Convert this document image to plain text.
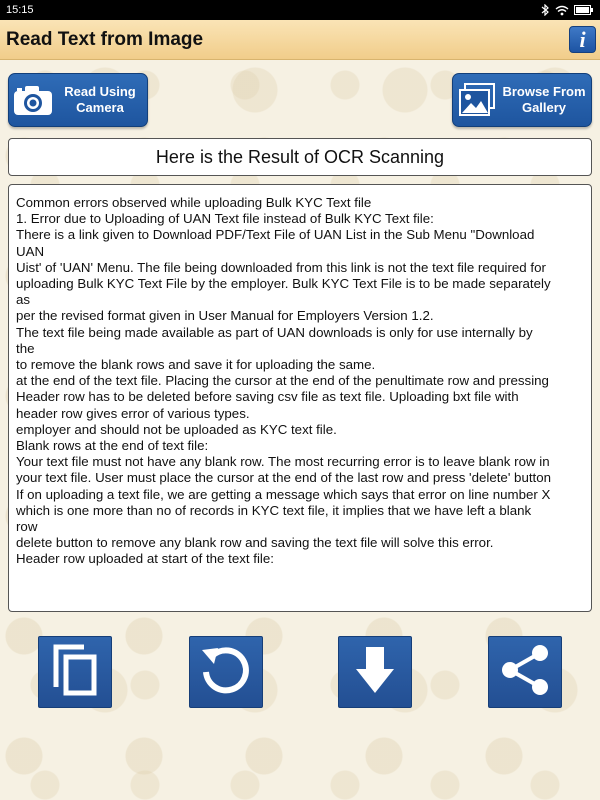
15:15
Read Text from Image	i
Read Using
Camera
Browse From
Gallery
Here is the Result of OCR Scanning
Common errors observed while uploading Bulk KYC Text file
1. Error due to Uploading of UAN Text file instead of Bulk KYC Text file:
There is a link given to Download PDF/Text File of UAN List in the Sub Menu "Download
UAN
Uist' of 'UAN' Menu. The file being downloaded from this link is not the text file required for
uploading Bulk KYC Text File by the employer. Bulk KYC Text File is to be made separately
as
per the revised format given in User Manual for Employers Version 1.2.
The text file being made available as part of UAN downloads is only for use internally by
the
to remove the blank rows and save it for uploading the same.
at the end of the text file. Placing the cursor at the end of the penultimate row and pressing
Header row has to be deleted before saving csv file as text file. Uploading bxt file with
header row gives error of various types.
employer and should not be uploaded as KYC text file.
Blank rows at the end of text file:
Your text file must not have any blank row. The most recurring error is to leave blank row in
your text file. User must place the cursor at the end of the last row and press 'delete' button
If on uploading a text file, we are getting a message which says that error on line number X
which is one more than no of records in KYC text file, it implies that we have left a blank
row
delete button to remove any blank row and saving the text file will solve this error.
Header row uploaded at start of the text file:
